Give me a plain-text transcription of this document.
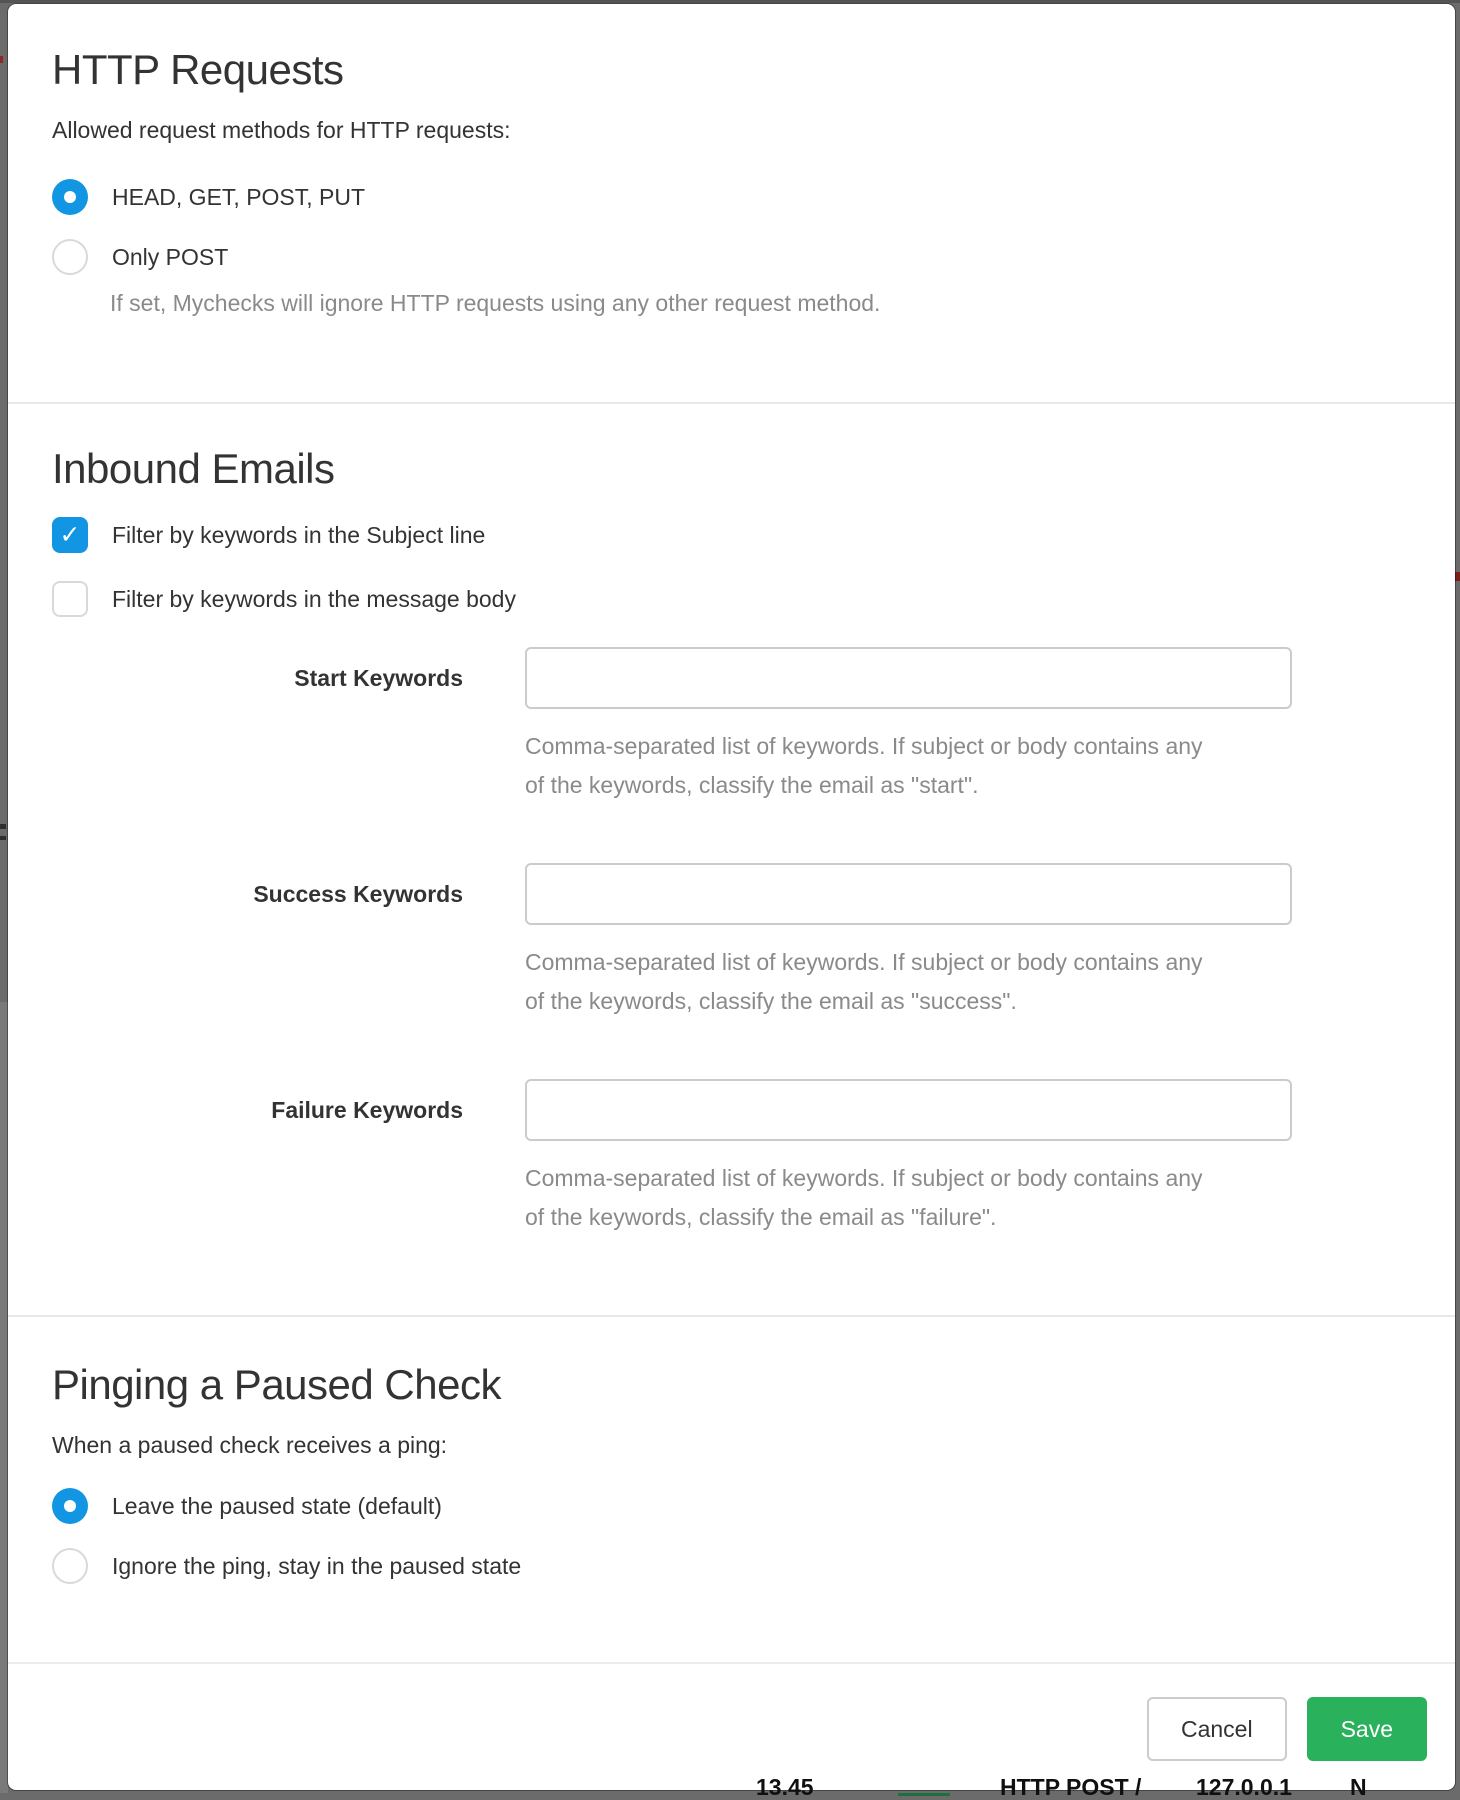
HTTP Requests
Allowed request methods for HTTP requests:
HEAD, GET, POST, PUT
Only POST
If set, Mychecks will ignore HTTP requests using any other request method.
Inbound Emails
✓ Filter by keywords in the Subject line
Filter by keywords in the message body
Start Keywords
Comma-separated list of keywords. If subject or body contains any of the keywords, classify the email as "start".
Success Keywords
Comma-separated list of keywords. If subject or body contains any of the keywords, classify the email as "success".
Failure Keywords
Comma-separated list of keywords. If subject or body contains any of the keywords, classify the email as "failure".
Pinging a Paused Check
When a paused check receives a ping:
Leave the paused state (default)
Ignore the ping, stay in the paused state
Cancel	Save
13.45	HTTP POST / 127.0.0.1	N
